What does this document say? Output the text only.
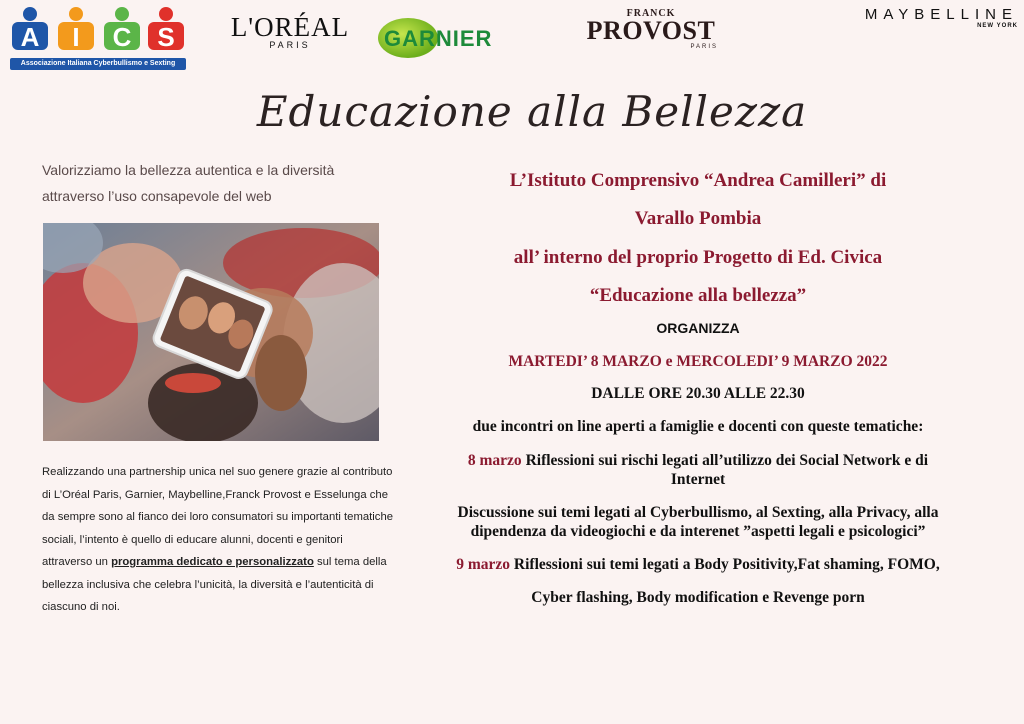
A I C S
Associazione Italiana Cyberbullismo e Sexting
L'ORÉAL
PARIS	GARNIER
FRANCK
PROVOST
PARIS
MAYBELLINE
NEW YORK
Educazione alla Bellezza

Valorizziamo la bellezza autentica e la diversità

attraverso l’uso consapevole del web

Realizzando una partnership unica nel suo genere grazie al contributo di L’Oréal Paris, Garnier, Maybelline,Franck Provost e Esselunga che da sempre sono al fianco dei loro consumatori su importanti tematiche sociali, l’intento è quello di educare alunni, docenti e genitori attraverso un programma dedicato e personalizzato sul tema della bellezza inclusiva che celebra l’unicità, la diversità e l’autenticità di ciascuno di noi.
L’Istituto Comprensivo “Andrea Camilleri” di
Varallo Pombia
all’ interno del proprio Progetto di Ed. Civica
“Educazione alla bellezza”
ORGANIZZA
MARTEDI’ 8 MARZO e MERCOLEDI’ 9 MARZO 2022
DALLE ORE 20.30 ALLE 22.30
due incontri on line aperti a famiglie e docenti con queste tematiche:
8 marzo Riflessioni sui rischi legati all’utilizzo dei Social Network e di
Internet
Discussione sui temi legati al Cyberbullismo, al Sexting, alla Privacy, alla
dipendenza da videogiochi e da interenet ”aspetti legali e psicologici”
9 marzo Riflessioni sui temi legati a Body Positivity,Fat shaming, FOMO,
Cyber flashing, Body modification e Revenge porn
